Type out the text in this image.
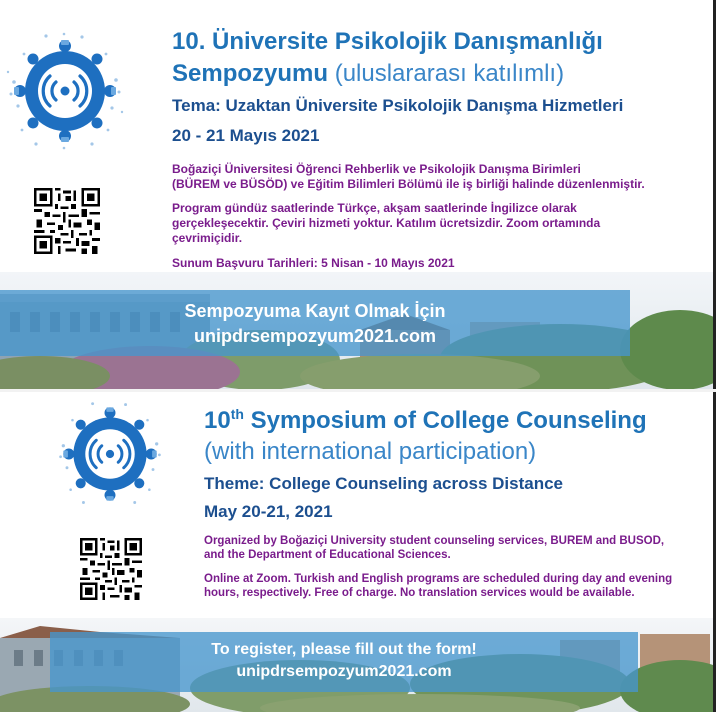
10. Üniversite Psikolojik Danışmanlığı
Sempozyumu (uluslararası katılımlı)
Tema: Uzaktan Üniversite Psikolojik Danışma Hizmetleri
20 - 21 Mayıs 2021
Boğaziçi Üniversitesi Öğrenci Rehberlik ve Psikolojik Danışma Birimleri
(BÜREM ve BÜSÖD) ve Eğitim Bilimleri Bölümü ile iş birliği halinde düzenlenmiştir.
Program gündüz saatlerinde Türkçe, akşam saatlerinde İngilizce olarak
gerçekleşecektir. Çeviri hizmeti yoktur. Katılım ücretsizdir. Zoom ortamında
çevrimiçidir.
Sunum Başvuru Tarihleri: 5 Nisan - 10 Mayıs 2021
Sempozyuma Kayıt Olmak İçin
unipdrsempozyum2021.com
10th Symposium of College Counseling
(with international participation)
Theme: College Counseling across Distance
May 20-21, 2021
Organized by Boğaziçi University student counseling services, BUREM and BUSOD,
and the Department of Educational Sciences.
Online at Zoom. Turkish and English programs are scheduled during day and evening
hours, respectively. Free of charge. No translation services would be available.
To register, please fill out the form!
unipdrsempozyum2021.com
